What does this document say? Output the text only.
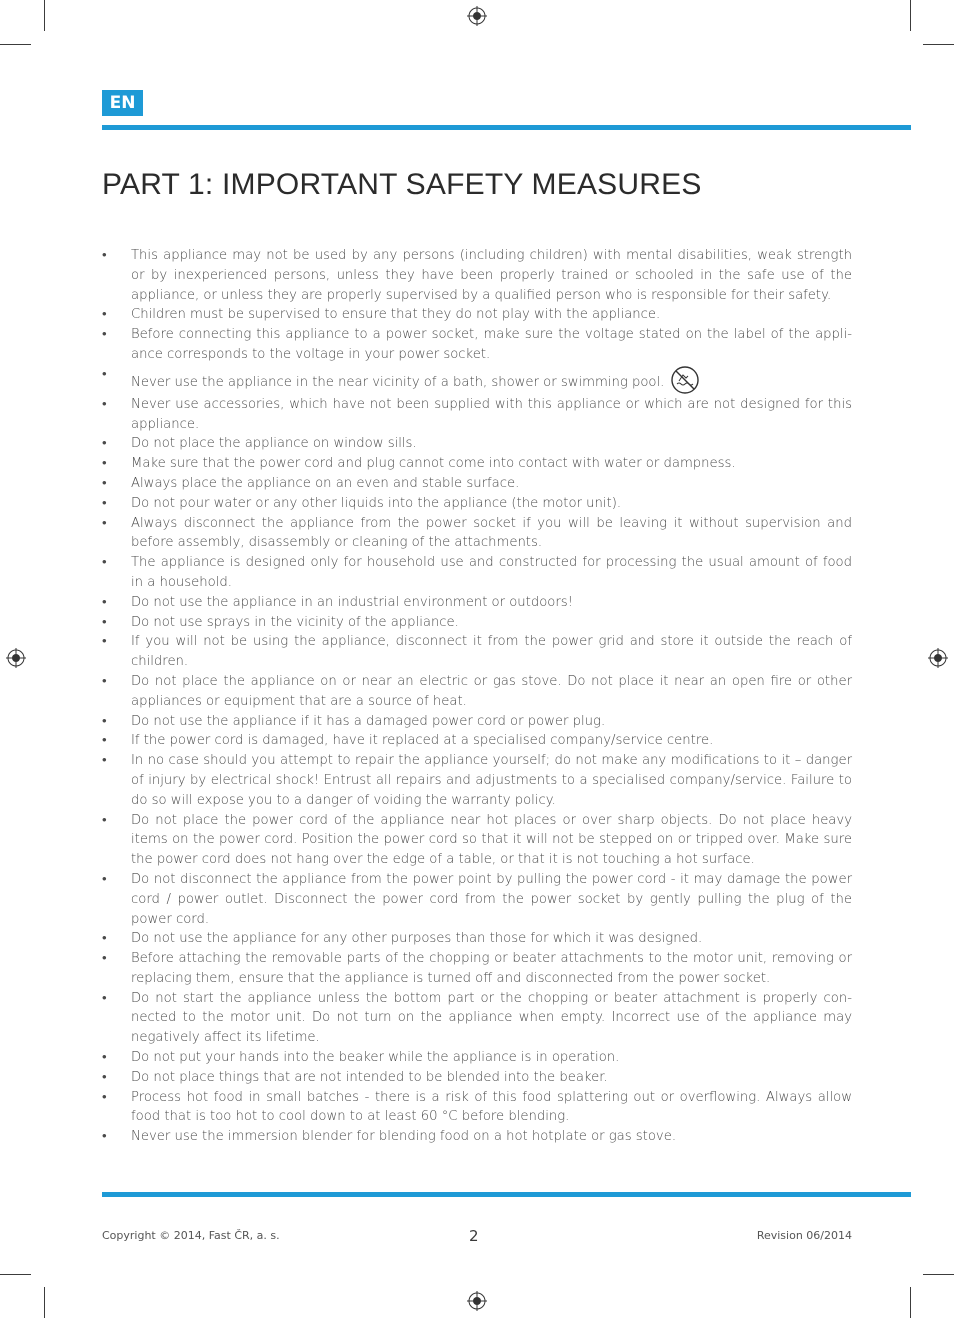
EN
PART 1: IMPORTANT SAFETY MEASURES
• This appliance may not be used by any persons (including children) with mental disabilities, weak strength or by inexperienced persons, unless they have been properly trained or schooled in the safe use of the appliance, or unless they are properly supervised by a qualified person who is responsible for their safety.
• Children must be supervised to ensure that they do not play with the appliance.
• Before connecting this appliance to a power socket, make sure the voltage stated on the label of the appli-ance corresponds to the voltage in your power socket.
•
Never use the appliance in the near vicinity of a bath, shower or swimming pool.
• Never use accessories, which have not been supplied with this appliance or which are not designed for this appliance.
• Do not place the appliance on window sills.
• Make sure that the power cord and plug cannot come into contact with water or dampness.
• Always place the appliance on an even and stable surface.
• Do not pour water or any other liquids into the appliance (the motor unit).
• Always disconnect the appliance from the power socket if you will be leaving it without supervision and before assembly, disassembly or cleaning of the attachments.
• The appliance is designed only for household use and constructed for processing the usual amount of food in a household.
• Do not use the appliance in an industrial environment or outdoors!
• Do not use sprays in the vicinity of the appliance.
• If you will not be using the appliance, disconnect it from the power grid and store it outside the reach of children.
• Do not place the appliance on or near an electric or gas stove. Do not place it near an open fire or other appliances or equipment that are a source of heat.
• Do not use the appliance if it has a damaged power cord or power plug.
• If the power cord is damaged, have it replaced at a specialised company/service centre.
• In no case should you attempt to repair the appliance yourself; do not make any modifications to it – danger of injury by electrical shock! Entrust all repairs and adjustments to a specialised company/service. Failure to do so will expose you to a danger of voiding the warranty policy.
• Do not place the power cord of the appliance near hot places or over sharp objects. Do not place heavy items on the power cord. Position the power cord so that it will not be stepped on or tripped over. Make sure the power cord does not hang over the edge of a table, or that it is not touching a hot surface.
• Do not disconnect the appliance from the power point by pulling the power cord - it may damage the power cord / power outlet. Disconnect the power cord from the power socket by gently pulling the plug of the power cord.
• Do not use the appliance for any other purposes than those for which it was designed.
• Before attaching the removable parts of the chopping or beater attachments to the motor unit, removing or replacing them, ensure that the appliance is turned off and disconnected from the power socket.
• Do not start the appliance unless the bottom part or the chopping or beater attachment is properly con-nected to the motor unit. Do not turn on the appliance when empty. Incorrect use of the appliance may negatively affect its lifetime.
• Do not put your hands into the beaker while the appliance is in operation.
• Do not place things that are not intended to be blended into the beaker.
• Process hot food in small batches - there is a risk of this food splattering out or overflowing. Always allow food that is too hot to cool down to at least 60 °C before blending.
• Never use the immersion blender for blending food on a hot hotplate or gas stove.
Copyright © 2014, Fast ČR, a. s.	2	Revision 06/2014
